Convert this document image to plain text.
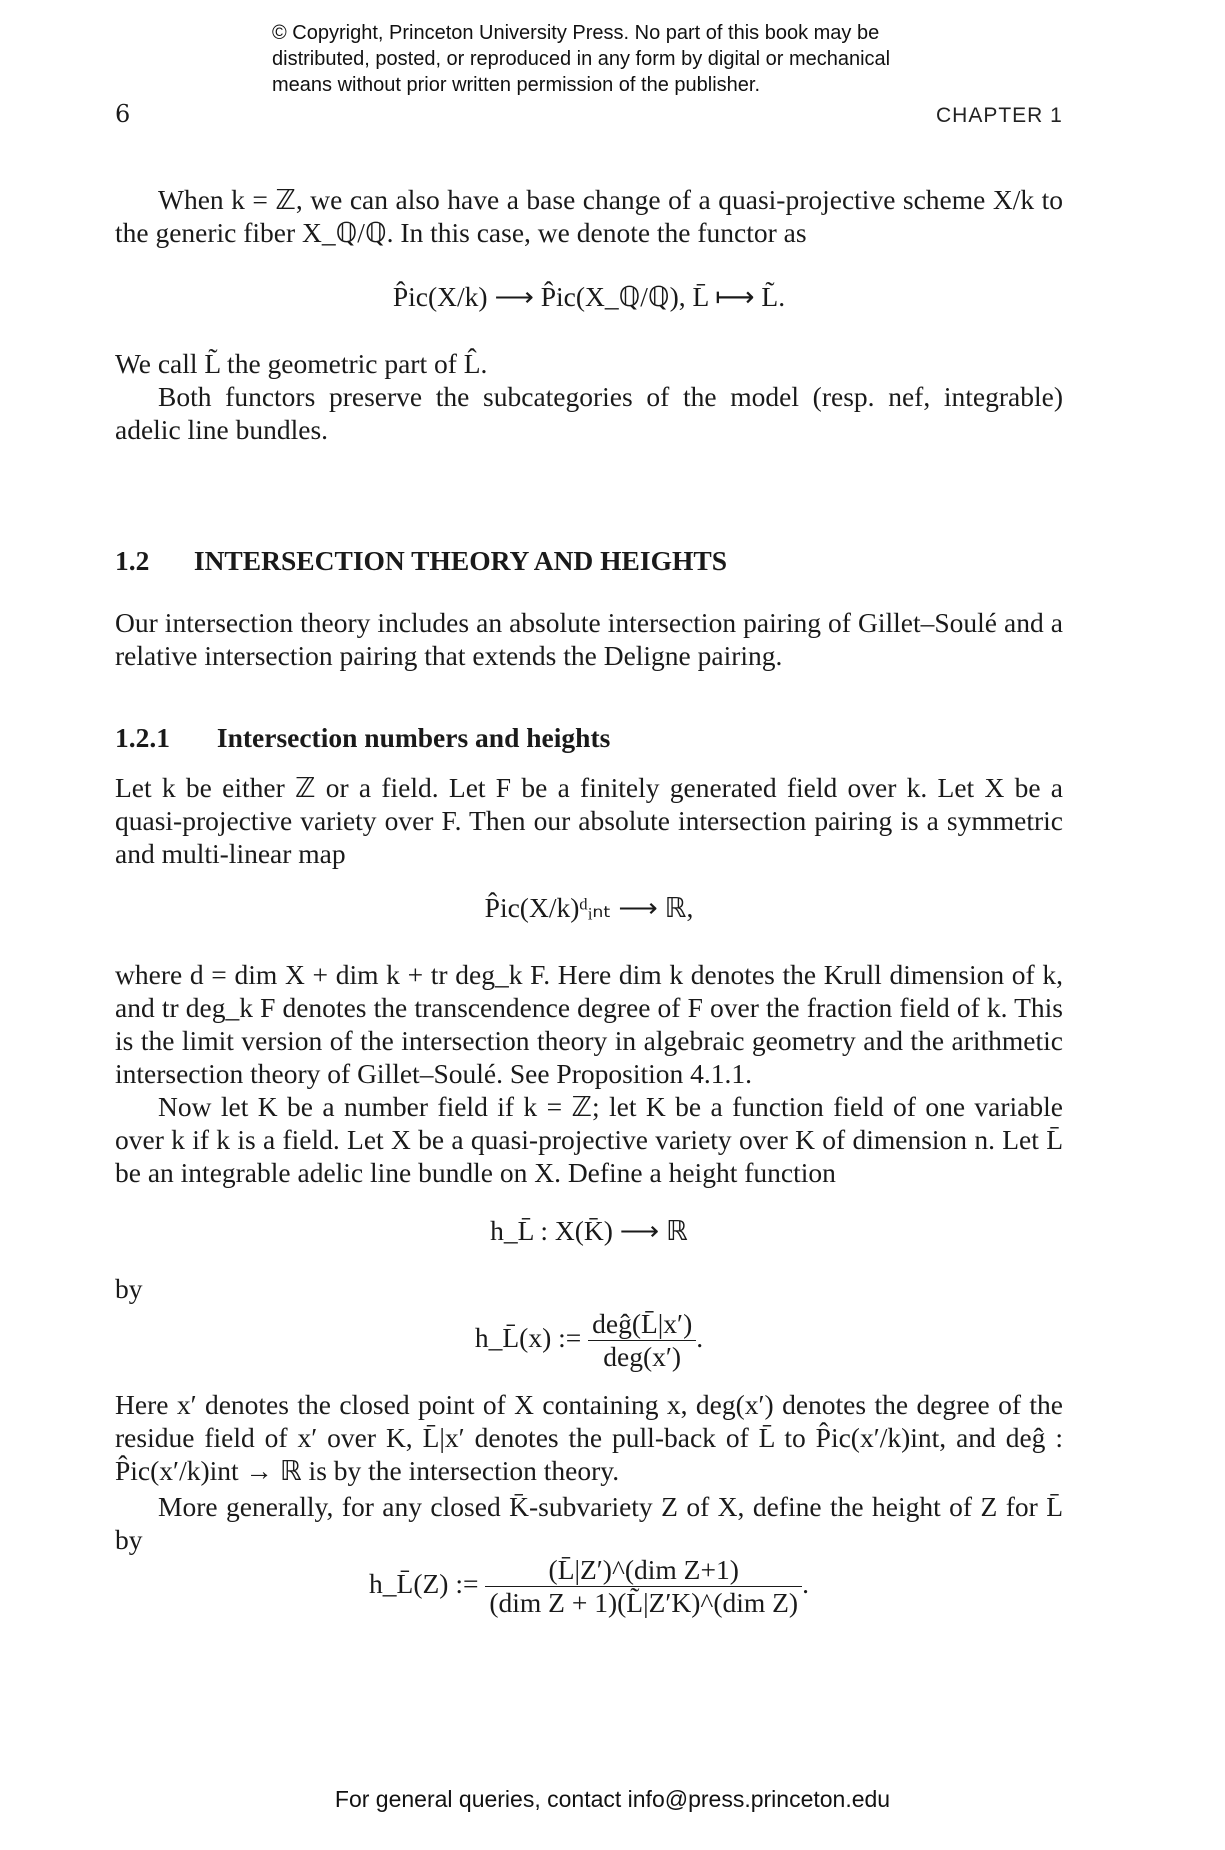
© Copyright, Princeton University Press. No part of this book may be
distributed, posted, or reproduced in any form by digital or mechanical
means without prior written permission of the publisher.
6	CHAPTER 1
When k = ℤ, we can also have a base change of a quasi-projective scheme X/k to the generic fiber X_ℚ/ℚ. In this case, we denote the functor as
P̂ic(X/k) ⟶ P̂ic(X_ℚ/ℚ), L̄ ⟼ L̃.
We call L̃ the geometric part of L̂.
Both functors preserve the subcategories of the model (resp. nef, integrable) adelic line bundles.
1.2 INTERSECTION THEORY AND HEIGHTS
Our intersection theory includes an absolute intersection pairing of Gillet–Soulé and a relative intersection pairing that extends the Deligne pairing.
1.2.1 Intersection numbers and heights
Let k be either ℤ or a field. Let F be a finitely generated field over k. Let X be a quasi-projective variety over F. Then our absolute intersection pairing is a symmetric and multi-linear map
P̂ic(X/k)ᵈᵢₙₜ ⟶ ℝ,
where d = dim X + dim k + tr deg_k F. Here dim k denotes the Krull dimension of k, and tr deg_k F denotes the transcendence degree of F over the fraction field of k. This is the limit version of the intersection theory in algebraic geometry and the arithmetic intersection theory of Gillet–Soulé. See Proposition 4.1.1.
Now let K be a number field if k = ℤ; let K be a function field of one variable over k if k is a field. Let X be a quasi-projective variety over K of dimension n. Let L̄ be an integrable adelic line bundle on X. Define a height function
h_L̄ : X(K̄) ⟶ ℝ
by
h_L̄(x) := $\frac{\text{deĝ(L̄|x′)}}{\text{deg(x′)}}$ .
Here x′ denotes the closed point of X containing x, deg(x′) denotes the degree of the residue field of x′ over K, L̄|x′ denotes the pull-back of L̄ to P̂ic(x′/k)int, and deĝ : P̂ic(x′/k)int → ℝ is by the intersection theory.
More generally, for any closed K̄-subvariety Z of X, define the height of Z for L̄ by
h_L̄(Z) := $\frac{\text{(L̄|Z′)\textasciicircum{}(dim Z+1)}}{\text{(dim Z + 1)(L̃|Z′K)\textasciicircum{}(dim Z)}}$ .
For general queries, contact info@press.princeton.edu
